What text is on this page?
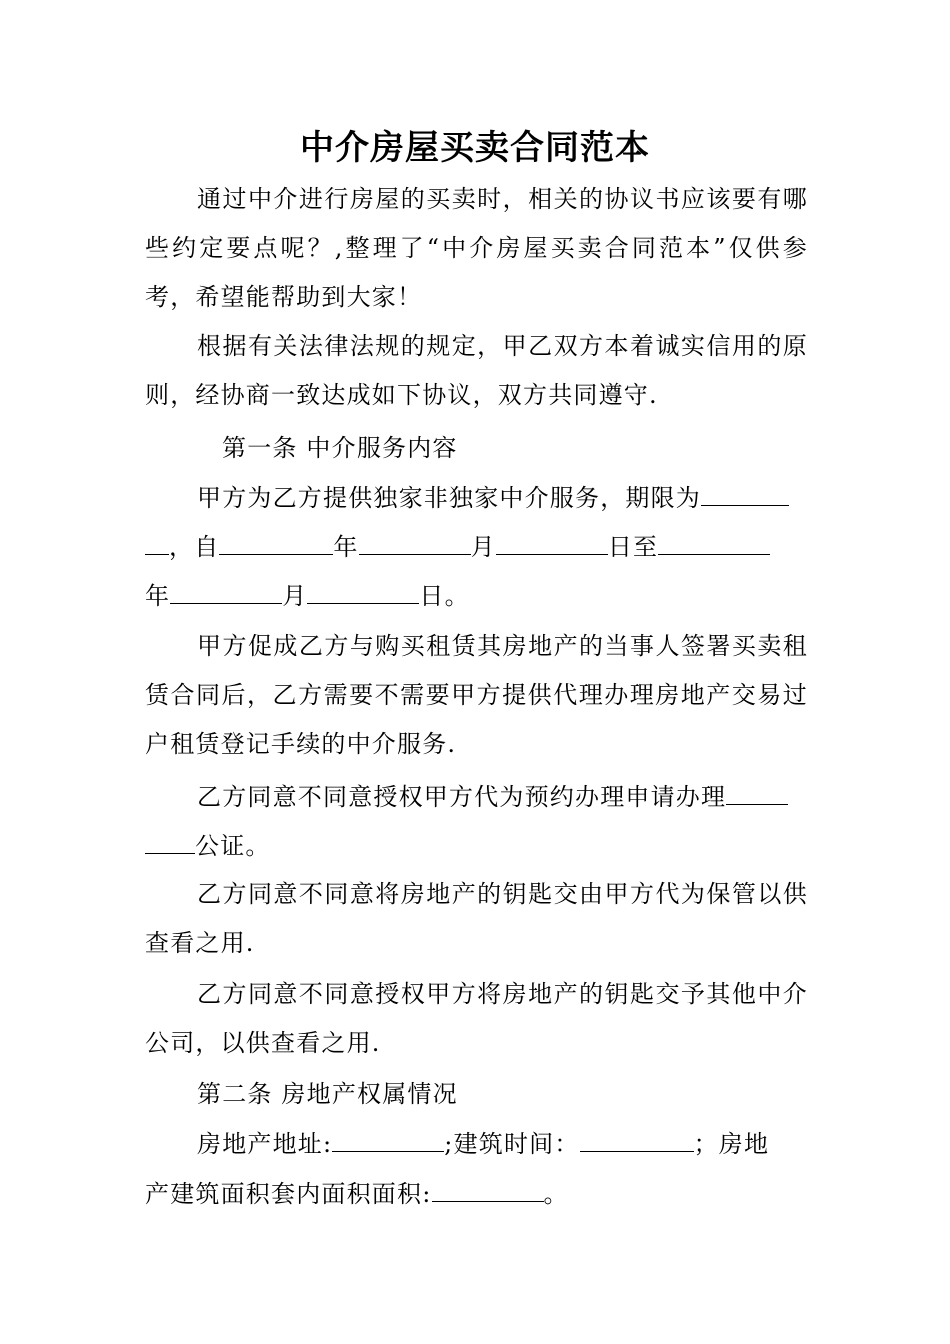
中介房屋买卖合同范本

通过中介进行房屋的买卖时，相关的协议书应该要有哪些约定要点呢？,整理了“中介房屋买卖合同范本”仅供参考，希望能帮助到大家！

根据有关法律法规的规定，甲乙双方本着诚实信用的原则，经协商一致达成如下协议，双方共同遵守.

第一条 中介服务内容

甲方为乙方提供独家非独家中介服务，期限为

，自	年	月	日至

年	月	日。

甲方促成乙方与购买租赁其房地产的当事人签署买卖租赁合同后，乙方需要不需要甲方提供代理办理房地产交易过户租赁登记手续的中介服务.

乙方同意不同意授权甲方代为预约办理申请办理

公证。

乙方同意不同意将房地产的钥匙交由甲方代为保管以供查看之用.

乙方同意不同意授权甲方将房地产的钥匙交予其他中介公司，以供查看之用.

第二条 房地产权属情况

房地产地址:	;建筑时间：	；房地

产建筑面积套内面积面积:	。
